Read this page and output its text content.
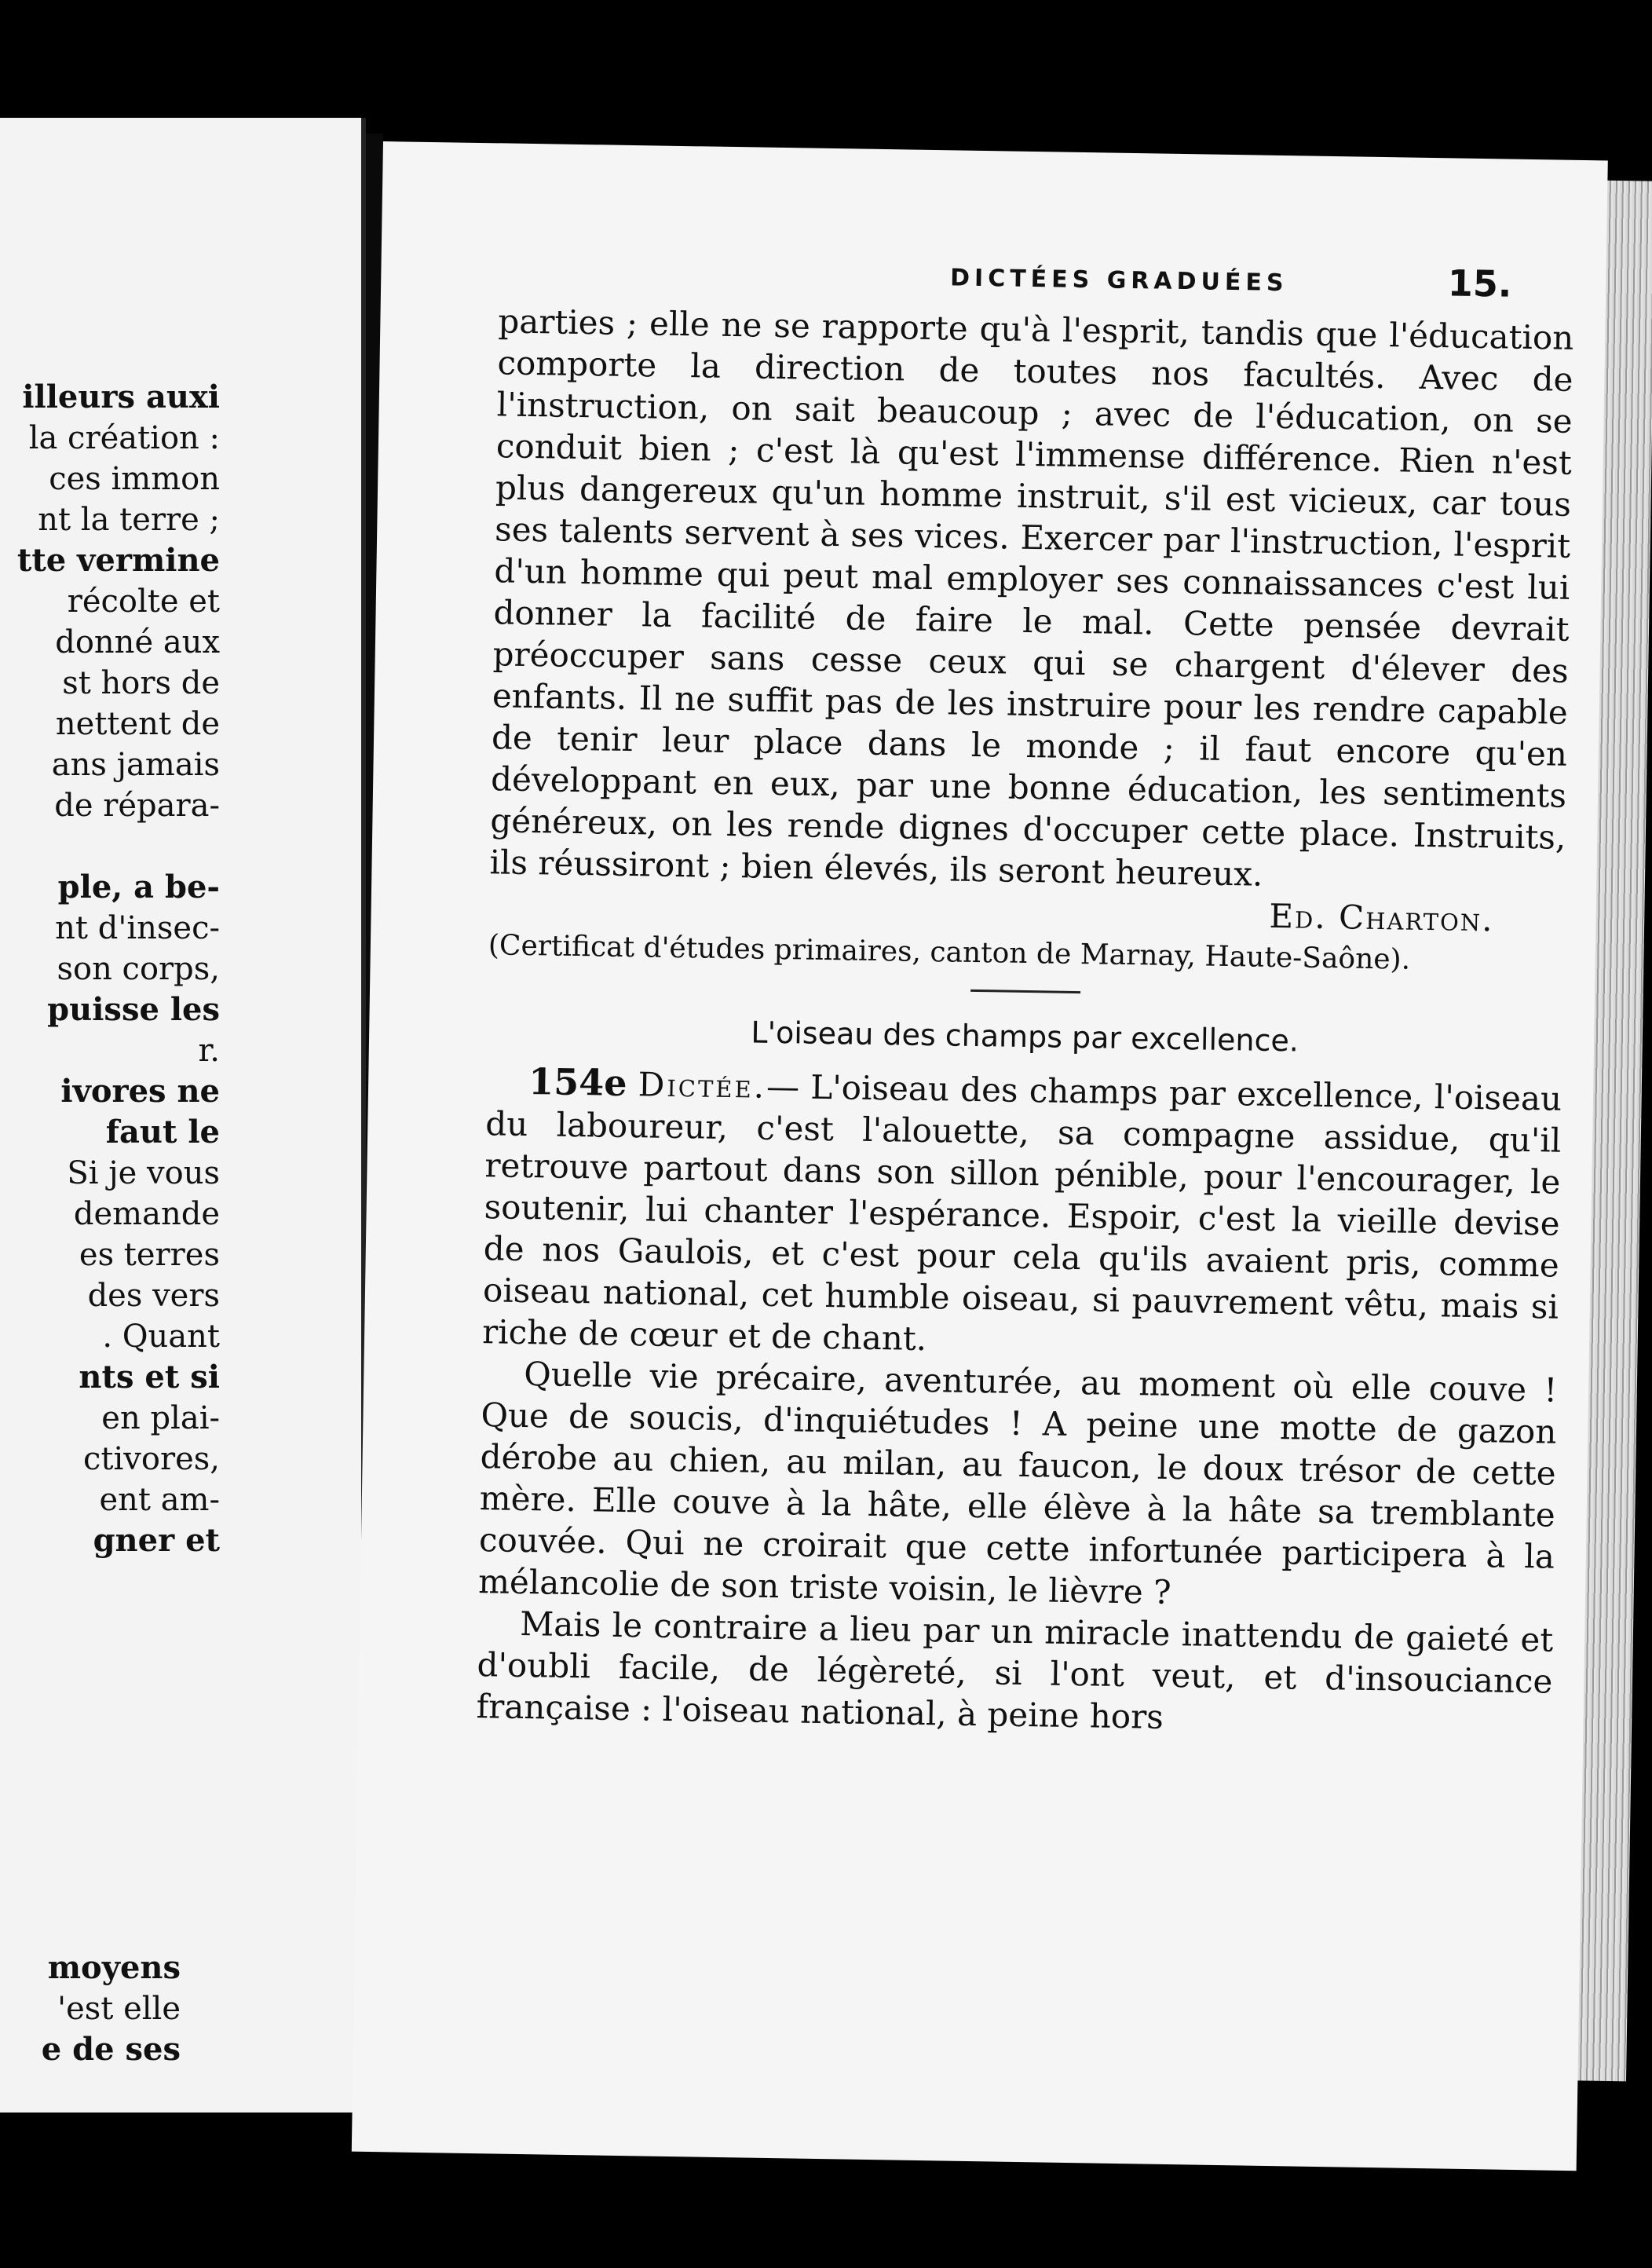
illeurs auxi
la création :
ces immon
nt la terre ;
tte vermine
récolte et
donné aux
st hors de
nettent de
ans jamais
de répara-
ple, a be-
nt d'insec-
son corps,
puisse les
r.
ivores ne
faut le
Si je vous
demande
es terres
des vers
. Quant
nts et si
en plai-
ctivores,
ent am-
gner et
moyens
'est elle
e de ses
DICTÉES GRADUÉES	15.

parties ; elle ne se rapporte qu'à l'esprit, tandis que l'éducation comporte la direction de toutes nos facultés. Avec de l'instruction, on sait beaucoup ; avec de l'éducation, on se conduit bien ; c'est là qu'est l'immense différence. Rien n'est plus dangereux qu'un homme instruit, s'il est vicieux, car tous ses talents servent à ses vices. Exercer par l'instruction, l'esprit d'un homme qui peut mal employer ses connaissances c'est lui donner la facilité de faire le mal. Cette pensée devrait préoccuper sans cesse ceux qui se chargent d'élever des enfants. Il ne suffit pas de les instruire pour les rendre capable de tenir leur place dans le monde ; il faut encore qu'en développant en eux, par une bonne éducation, les sentiments généreux, on les rende dignes d'occuper cette place. Instruits, ils réussiront ; bien élevés, ils seront heureux.

Ed. Charton.

(Certificat d'études primaires, canton de Marnay, Haute-Saône).

L'oiseau des champs par excellence.

154e Dictée.— L'oiseau des champs par excellence, l'oiseau du laboureur, c'est l'alouette, sa compagne assidue, qu'il retrouve partout dans son sillon pénible, pour l'encourager, le soutenir, lui chanter l'espérance. Espoir, c'est la vieille devise de nos Gaulois, et c'est pour cela qu'ils avaient pris, comme oiseau national, cet humble oiseau, si pauvrement vêtu, mais si riche de cœur et de chant.

Quelle vie précaire, aventurée, au moment où elle couve ! Que de soucis, d'inquiétudes ! A peine une motte de gazon dérobe au chien, au milan, au faucon, le doux trésor de cette mère. Elle couve à la hâte, elle élève à la hâte sa tremblante couvée. Qui ne croirait que cette infortunée participera à la mélancolie de son triste voisin, le lièvre ?

Mais le contraire a lieu par un miracle inattendu de gaieté et d'oubli facile, de légèreté, si l'ont veut, et d'insouciance française : l'oiseau national, à peine hors
